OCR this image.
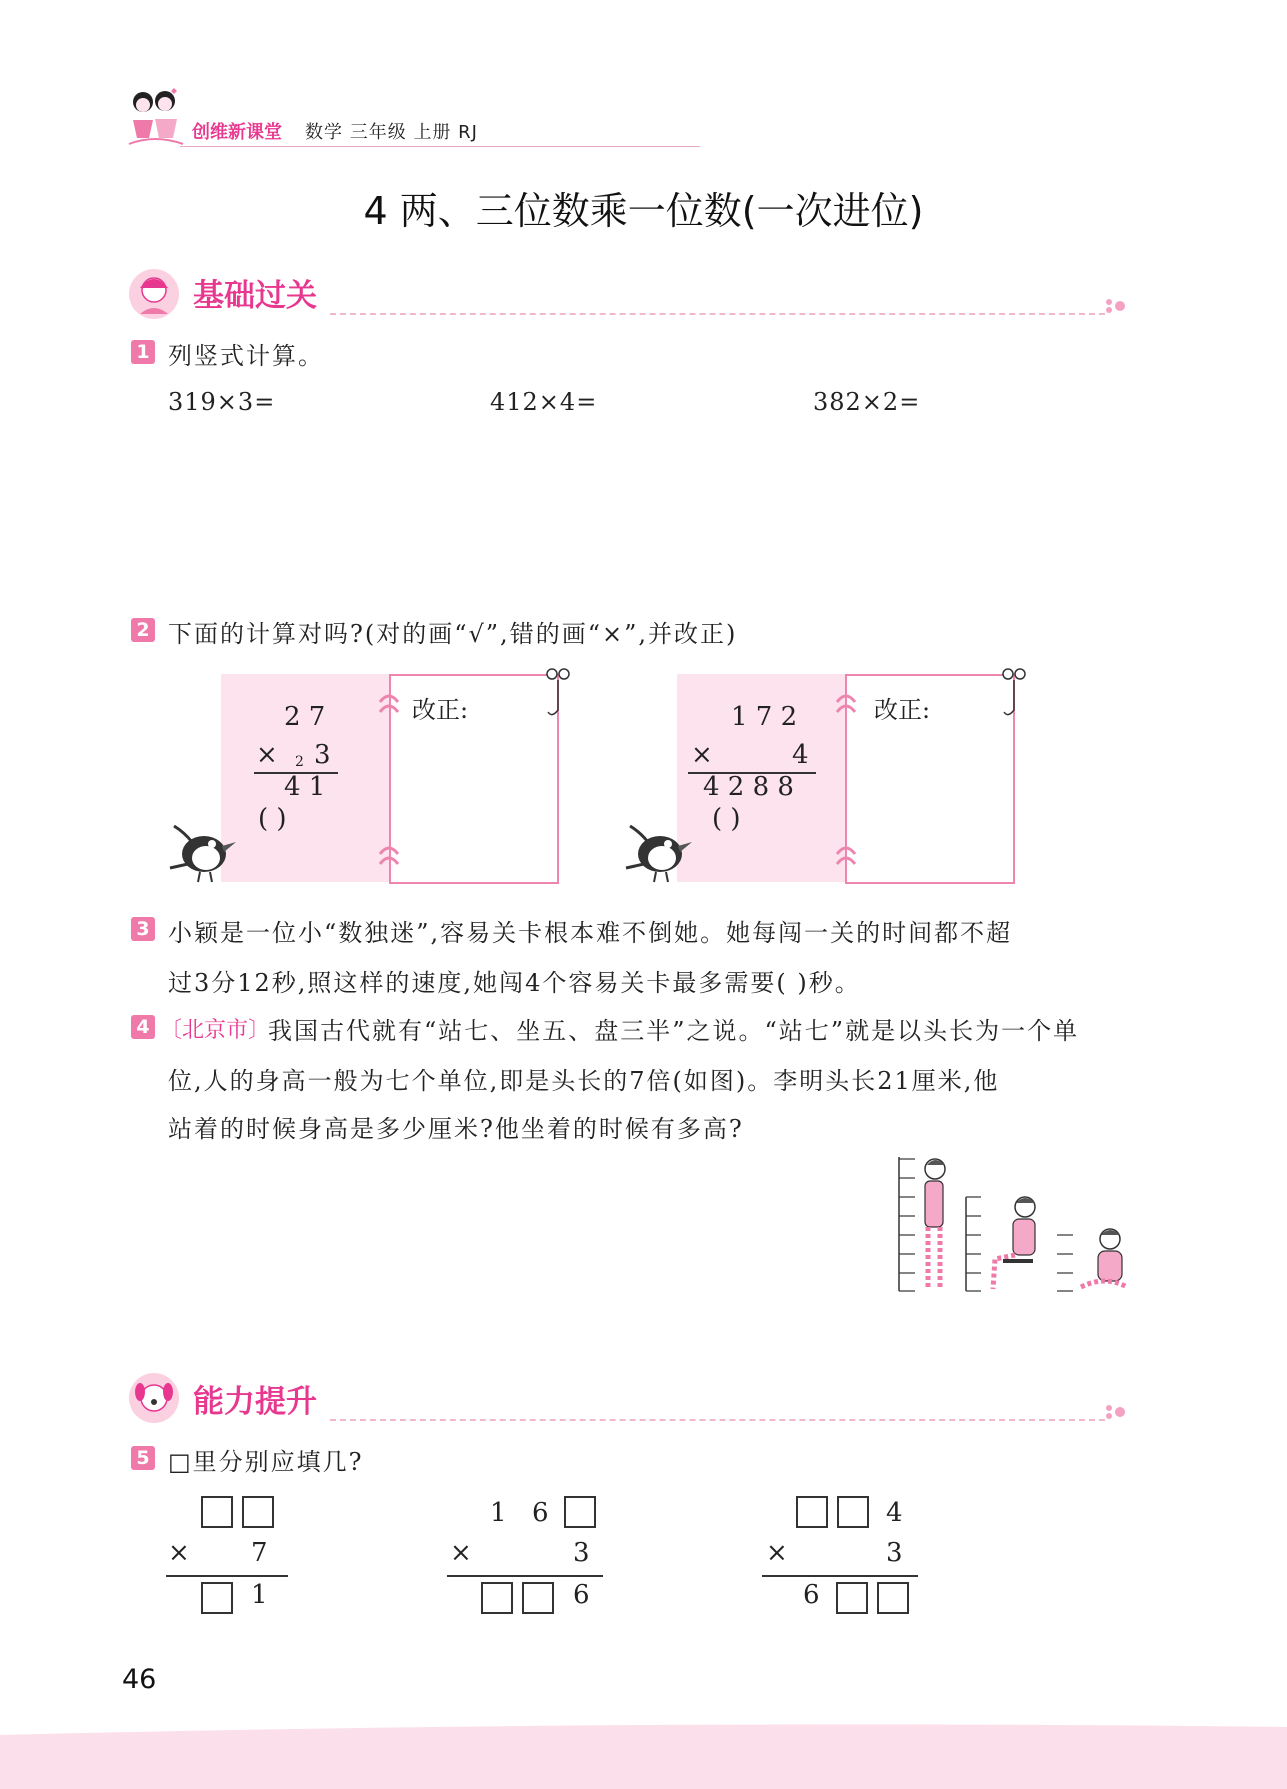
创维新课堂 数学 三年级 上册 RJ
4 两、三位数乘一位数(一次进位)
基础过关
1 列竖式计算。
319×3=	412×4=	382×2=
2 下面的计算对吗?(对的画“√”,错的画“×”,并改正)
改正:
2 7
× 2 3
4 1
( )
改正:
1 7 2
×	4
4 2 8 8
( )
3 小颖是一位小“数独迷”,容易关卡根本难不倒她。她每闯一关的时间都不超
过3分12秒,照这样的速度,她闯4个容易关卡最多需要( )秒。
4 〔北京市〕
我国古代就有“站七、坐五、盘三半”之说。“站七”就是以头长为一个单
位,人的身高一般为七个单位,即是头长的7倍(如图)。李明头长21厘米,他
站着的时候身高是多少厘米?他坐着的时候有多高?
能力提升
5 □里分别应填几?
× 7
1
1 6
×	3
6
4
×	3
6
46
